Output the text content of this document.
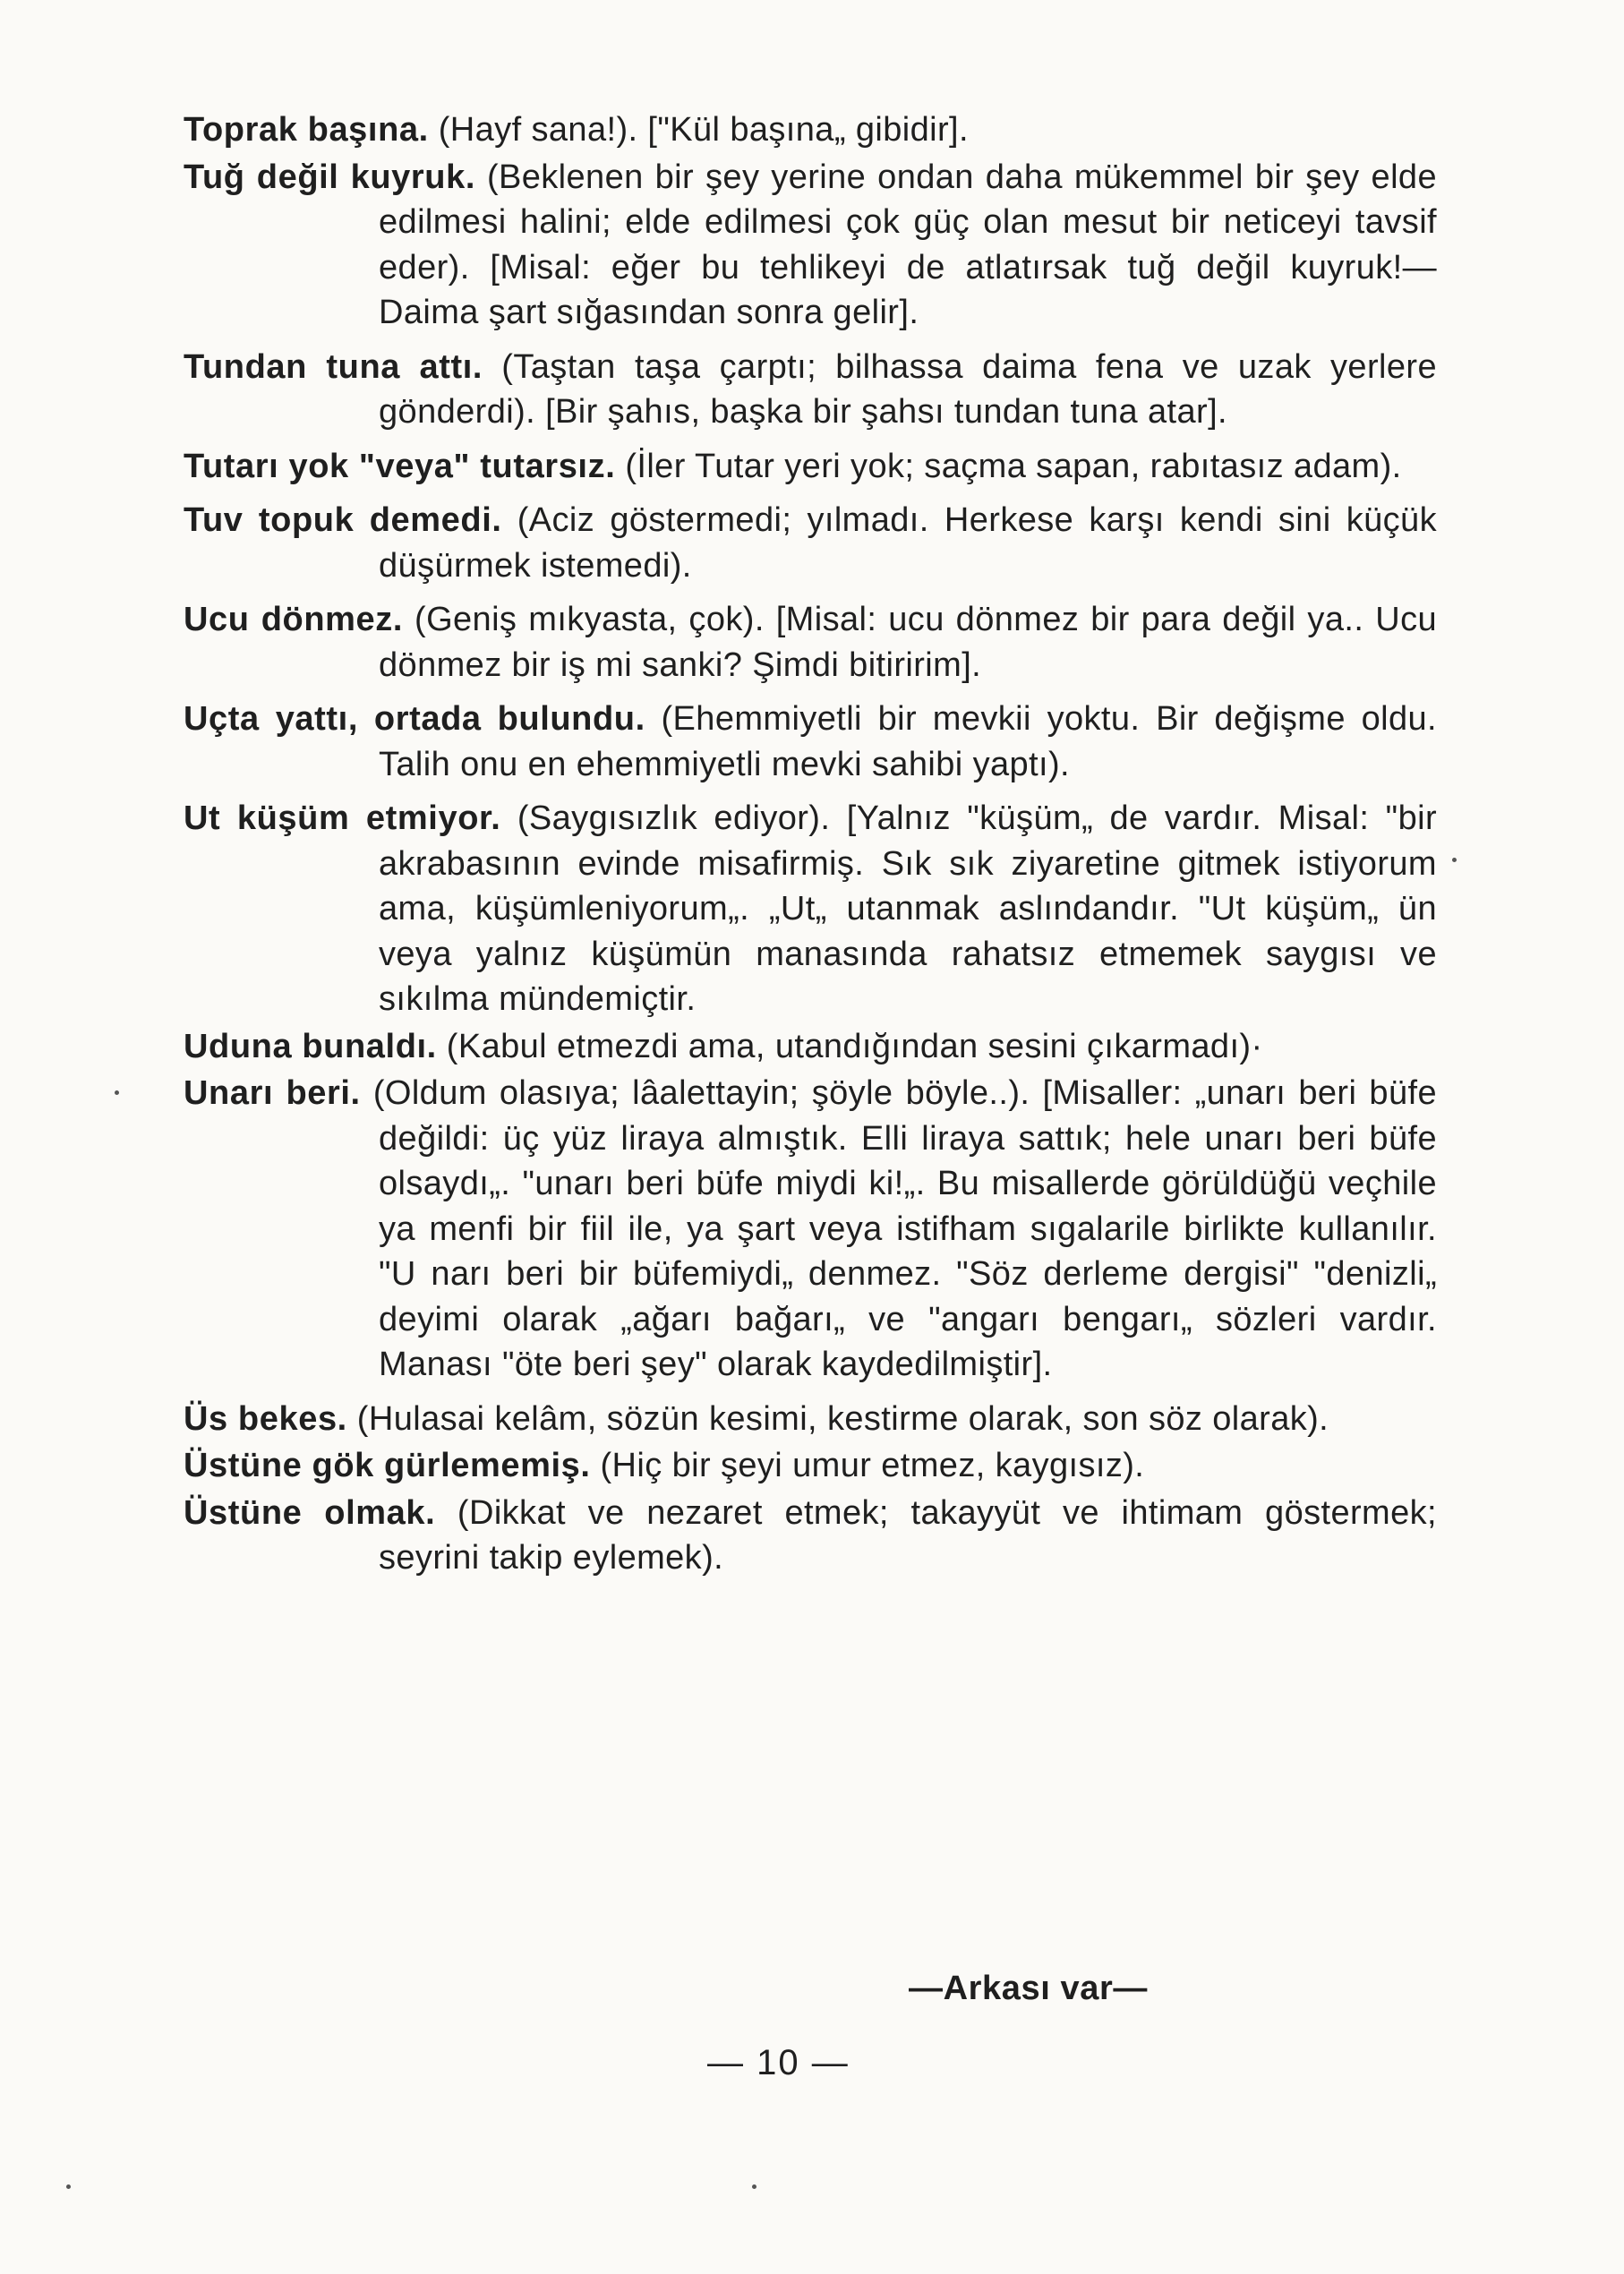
Toprak başına. (Hayf sana!). ["Kül başına„ gibidir].

Tuğ değil kuyruk. (Beklenen bir şey yerine ondan daha mükemmel bir şey elde edilmesi halini; elde edilmesi çok güç olan mesut bir neticeyi tavsif eder). [Misal: eğer bu tehlikeyi de atlatırsak tuğ değil kuyruk!— Daima şart sığasından sonra gelir].

Tundan tuna attı. (Taştan taşa çarptı; bilhassa daima fena ve uzak yerlere gönderdi). [Bir şahıs, başka bir şahsı tundan tuna atar].

Tutarı yok "veya" tutarsız. (İler Tutar yeri yok; saçma sapan, rabıtasız adam).

Tuv topuk demedi. (Aciz göstermedi; yılmadı. Herkese karşı kendi sini küçük düşürmek istemedi).

Ucu dönmez. (Geniş mıkyasta, çok). [Misal: ucu dönmez bir para değil ya.. Ucu dönmez bir iş mi sanki? Şimdi bitiririm].

Uçta yattı, ortada bulundu. (Ehemmiyetli bir mevkii yoktu. Bir değişme oldu. Talih onu en ehemmiyetli mevki sahibi yaptı).

Ut küşüm etmiyor. (Saygısızlık ediyor). [Yalnız "küşüm„ de vardır. Misal: "bir akrabasının evinde misafirmiş. Sık sık ziyaretine gitmek istiyorum ama, küşümleniyorum„. „Ut„ utanmak aslındandır. "Ut küşüm„ ün veya yalnız küşümün manasında rahatsız etmemek saygısı ve sıkılma mündemiçtir.

Uduna bunaldı. (Kabul etmezdi ama, utandığından sesini çıkarmadı)·

Unarı beri. (Oldum olasıya; lâalettayin; şöyle böyle..). [Misaller: „unarı beri büfe değildi: üç yüz liraya almıştık. Elli liraya sattık; hele unarı beri büfe olsaydı„. "unarı beri büfe miydi ki!„. Bu misallerde görüldüğü veçhile ya menfi bir fiil ile, ya şart veya istifham sıgalarile birlikte kullanılır. "U narı beri bir büfemiydi„ denmez. "Söz derleme dergisi" "denizli„ deyimi olarak „ağarı bağarı„ ve "angarı bengarı„ sözleri vardır. Manası "öte beri şey" olarak kaydedilmiştir].

Üs bekes. (Hulasai kelâm, sözün kesimi, kestirme olarak, son söz olarak).

Üstüne gök gürlememiş. (Hiç bir şeyi umur etmez, kaygısız).

Üstüne olmak. (Dikkat ve nezaret etmek; takayyüt ve ihtimam göstermek; seyrini takip eylemek).

—Arkası var—
— 10 —
